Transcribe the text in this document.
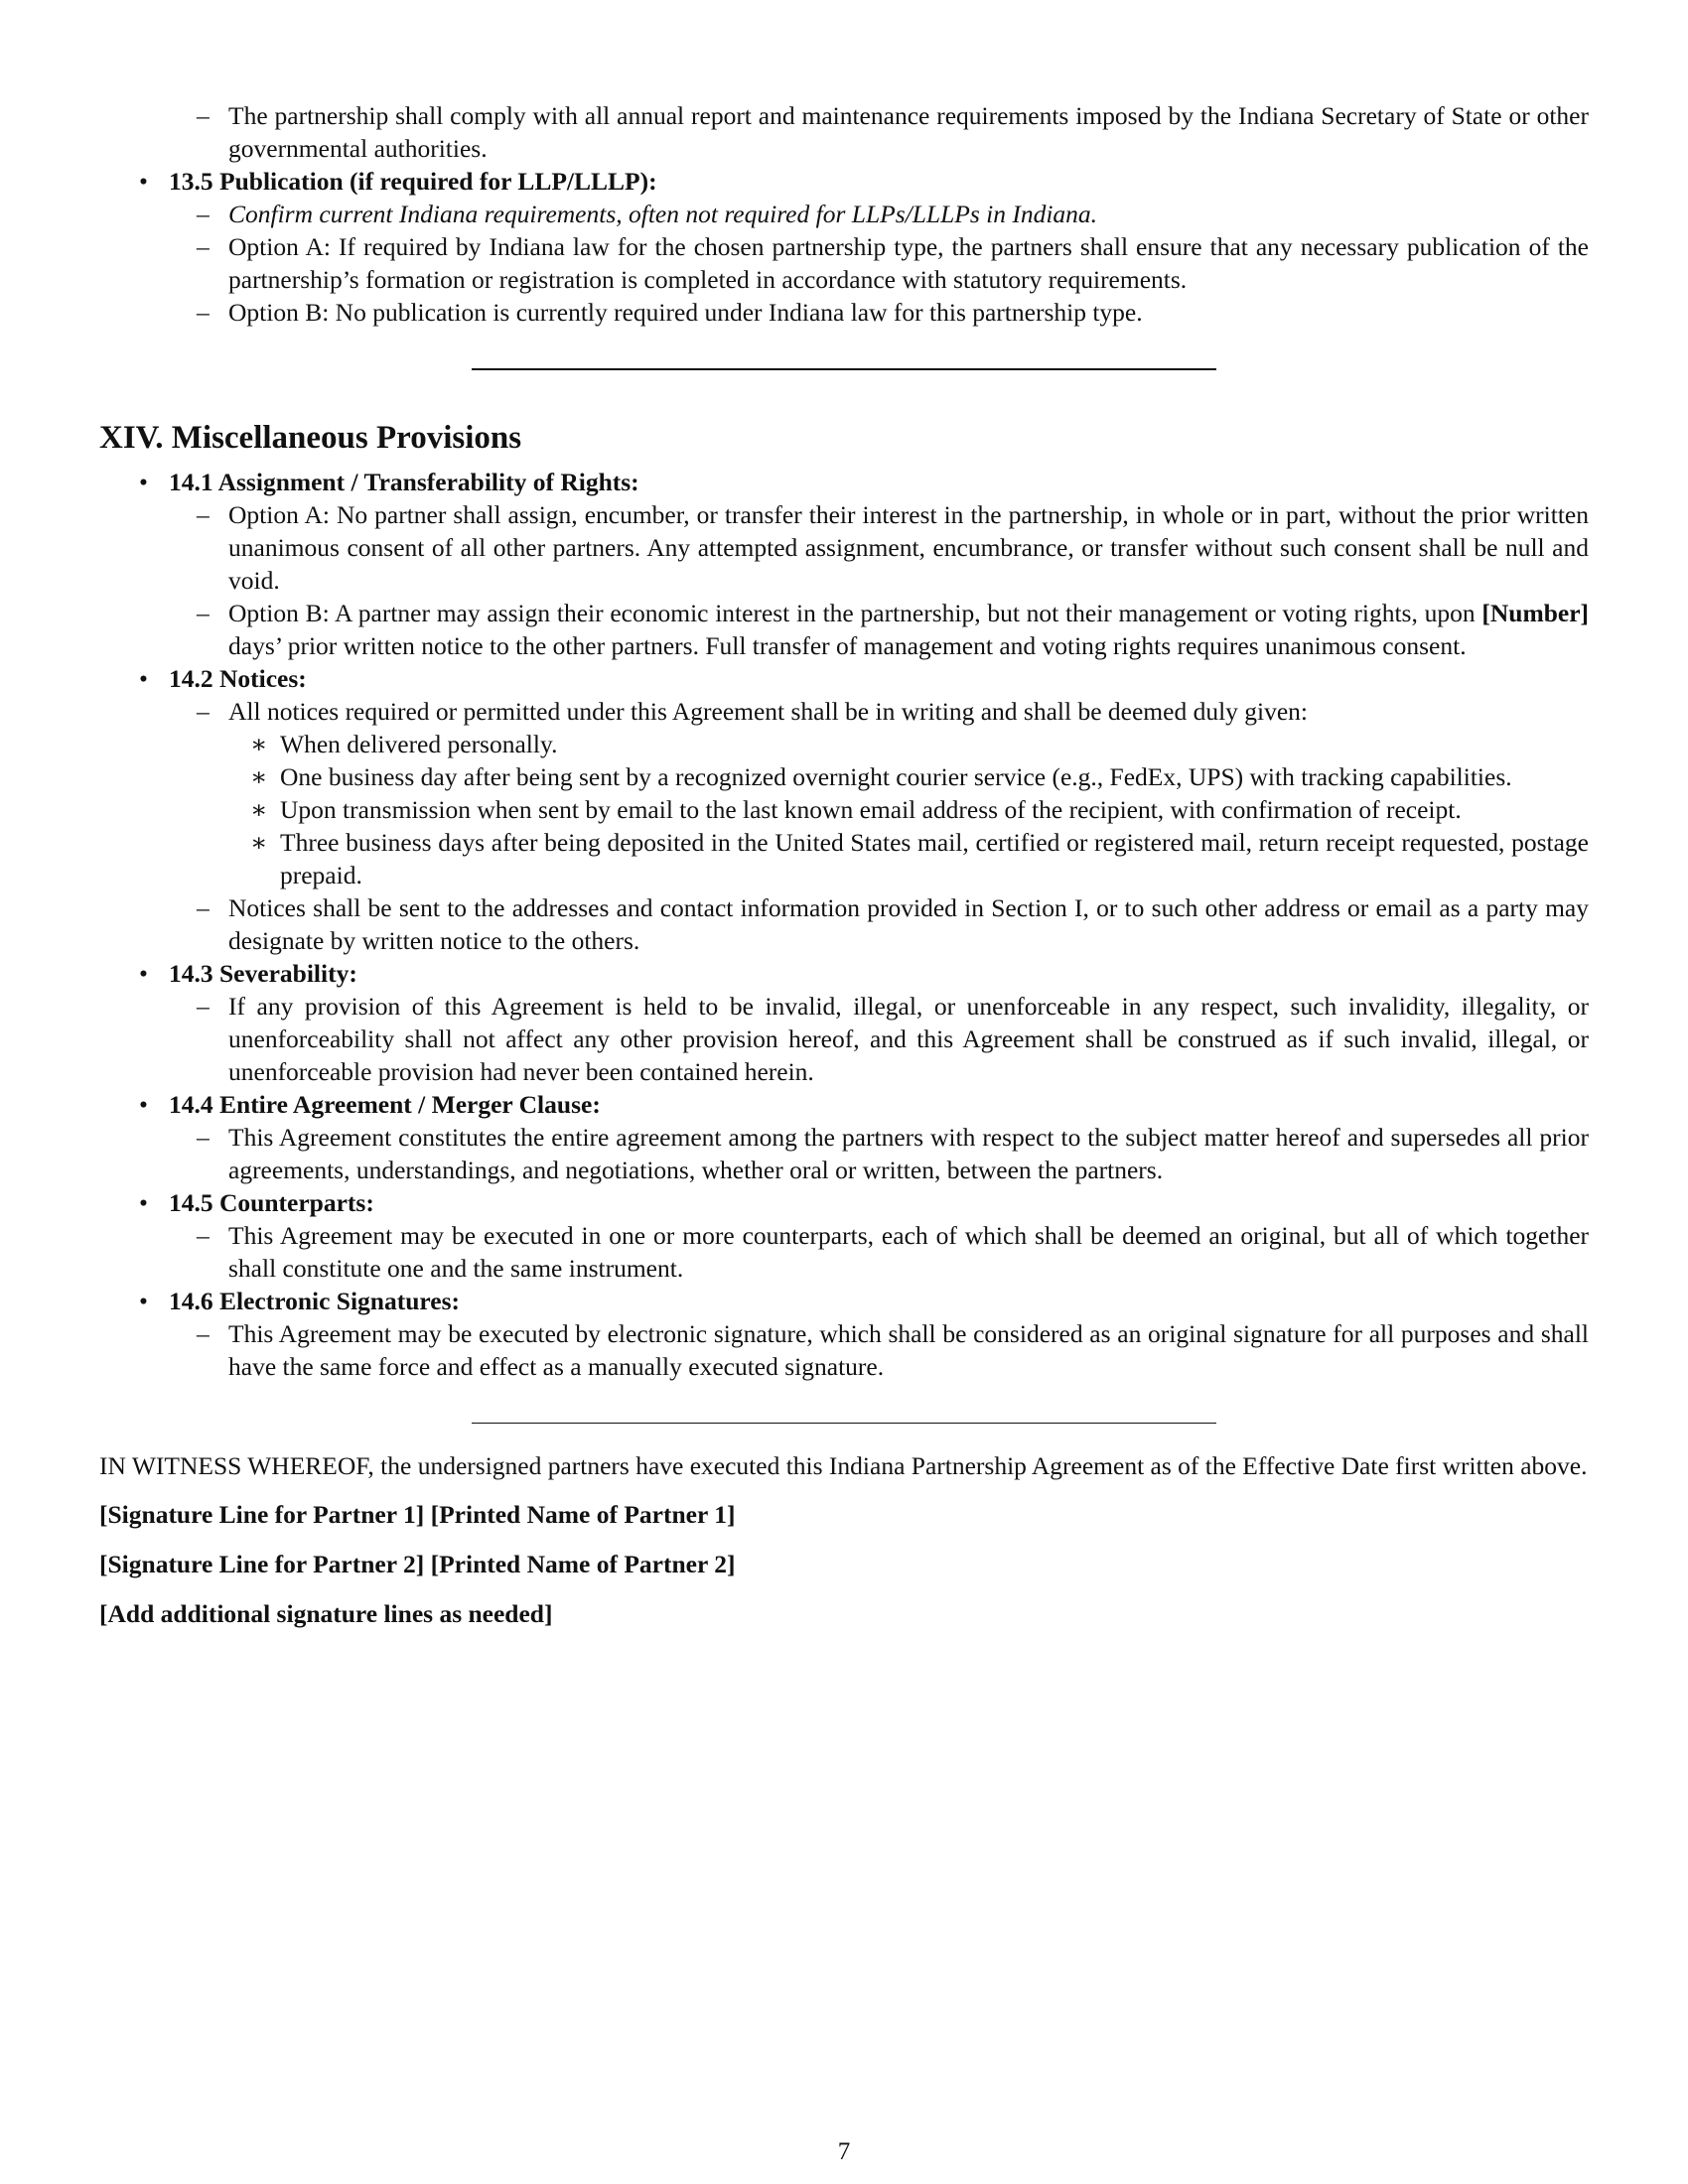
– The partnership shall comply with all annual report and maintenance requirements imposed by the Indiana Secretary of State or other governmental authorities.
• 13.5 Publication (if required for LLP/LLLP):
– Confirm current Indiana requirements, often not required for LLPs/LLLPs in Indiana.
– Option A: If required by Indiana law for the chosen partnership type, the partners shall ensure that any necessary publication of the partnership’s formation or registration is completed in accordance with statutory requirements.
– Option B: No publication is currently required under Indiana law for this partnership type.
XIV. Miscellaneous Provisions
• 14.1 Assignment / Transferability of Rights:
– Option A: No partner shall assign, encumber, or transfer their interest in the partnership, in whole or in part, without the prior written unanimous consent of all other partners. Any attempted assignment, encumbrance, or transfer without such consent shall be null and void.
– Option B: A partner may assign their economic interest in the partnership, but not their management or voting rights, upon [Number] days’ prior written notice to the other partners. Full transfer of management and voting rights requires unanimous consent.
• 14.2 Notices:
– All notices required or permitted under this Agreement shall be in writing and shall be deemed duly given:
∗ When delivered personally.
∗ One business day after being sent by a recognized overnight courier service (e.g., FedEx, UPS) with tracking capabilities.
∗ Upon transmission when sent by email to the last known email address of the recipient, with confirmation of receipt.
∗ Three business days after being deposited in the United States mail, certified or registered mail, return receipt requested, postage prepaid.
– Notices shall be sent to the addresses and contact information provided in Section I, or to such other address or email as a party may designate by written notice to the others.
• 14.3 Severability:
– If any provision of this Agreement is held to be invalid, illegal, or unenforceable in any respect, such invalidity, illegality, or unenforceability shall not affect any other provision hereof, and this Agreement shall be construed as if such invalid, illegal, or unenforceable provision had never been contained herein.
• 14.4 Entire Agreement / Merger Clause:
– This Agreement constitutes the entire agreement among the partners with respect to the subject matter hereof and supersedes all prior agreements, understandings, and negotiations, whether oral or written, between the partners.
• 14.5 Counterparts:
– This Agreement may be executed in one or more counterparts, each of which shall be deemed an original, but all of which together shall constitute one and the same instrument.
• 14.6 Electronic Signatures:
– This Agreement may be executed by electronic signature, which shall be considered as an original signature for all purposes and shall have the same force and effect as a manually executed signature.

IN WITNESS WHEREOF, the undersigned partners have executed this Indiana Partnership Agreement as of the Effective Date first written above.

[Signature Line for Partner 1] [Printed Name of Partner 1]

[Signature Line for Partner 2] [Printed Name of Partner 2]

[Add additional signature lines as needed]

7
